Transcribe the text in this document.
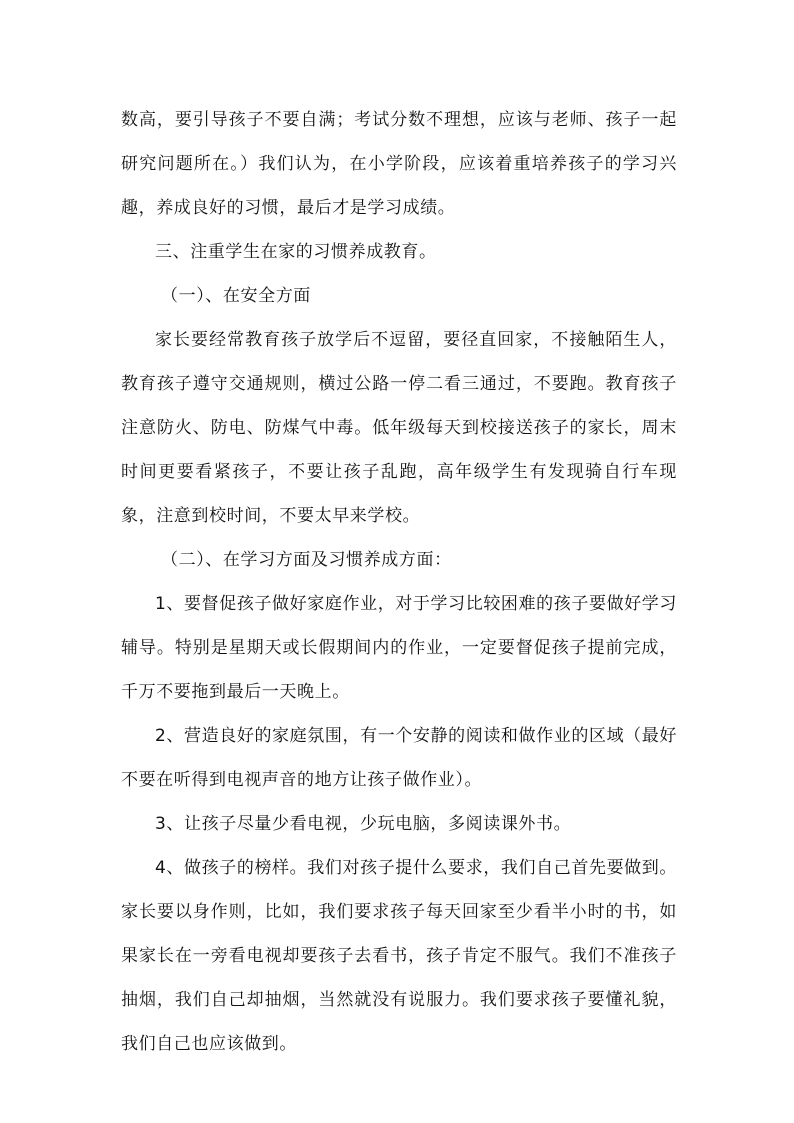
数高，要引导孩子不要自满；考试分数不理想，应该与老师、孩子一起研究问题所在。）我们认为，在小学阶段，应该着重培养孩子的学习兴趣，养成良好的习惯，最后才是学习成绩。

三、注重学生在家的习惯养成教育。

（一）、在安全方面

家长要经常教育孩子放学后不逗留，要径直回家，不接触陌生人，教育孩子遵守交通规则，横过公路一停二看三通过，不要跑。教育孩子注意防火、防电、防煤气中毒。低年级每天到校接送孩子的家长，周末时间更要看紧孩子，不要让孩子乱跑，高年级学生有发现骑自行车现象，注意到校时间，不要太早来学校。

（二）、在学习方面及习惯养成方面：

1、要督促孩子做好家庭作业，对于学习比较困难的孩子要做好学习辅导。特别是星期天或长假期间内的作业，一定要督促孩子提前完成，千万不要拖到最后一天晚上。

2、营造良好的家庭氛围，有一个安静的阅读和做作业的区域（最好不要在听得到电视声音的地方让孩子做作业）。

3、让孩子尽量少看电视，少玩电脑，多阅读课外书。

4、做孩子的榜样。我们对孩子提什么要求，我们自己首先要做到。家长要以身作则，比如，我们要求孩子每天回家至少看半小时的书，如果家长在一旁看电视却要孩子去看书，孩子肯定不服气。我们不准孩子抽烟，我们自己却抽烟，当然就没有说服力。我们要求孩子要懂礼貌，我们自己也应该做到。
